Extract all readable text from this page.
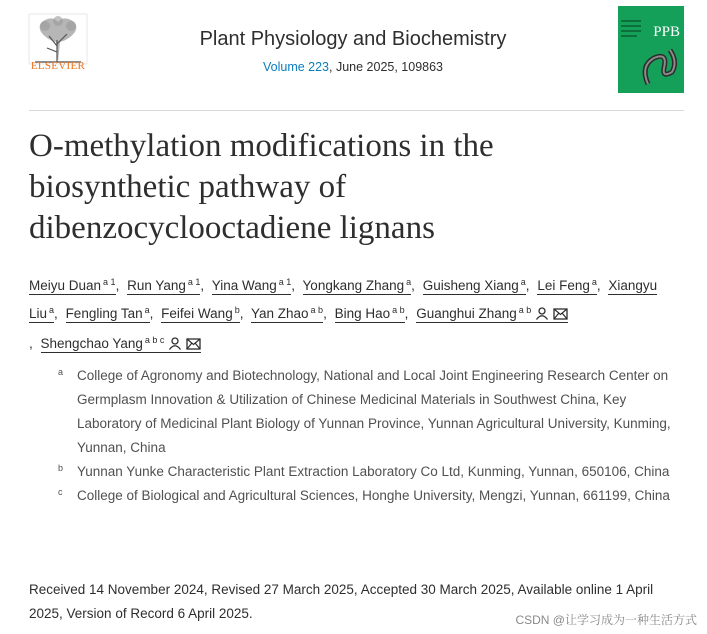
ELSEVIER
Plant Physiology and Biochemistry
Volume 223, June 2025, 109863
PPB
O-methylation modifications in the
biosynthetic pathway of
dibenzocyclooctadiene lignans
Meiyu Duan $^{a 1}$, Run Yang $^{a 1}$, Yina Wang $^{a 1}$, Yongkang Zhang $^a$, Guisheng Xiang $^a$, Lei Feng $^a$, Xiangyu Liu $^a$, Fengling Tan $^a$, Feifei Wang $^b$, Yan Zhao $^{a b}$, Bing Hao $^{a b}$, Guanghui Zhang $^{a b}$
, Shengchao Yang $^{a b c}$
a College of Agronomy and Biotechnology, National and Local Joint Engineering Research Center on Germplasm Innovation & Utilization of Chinese Medicinal Materials in Southwest China, Key Laboratory of Medicinal Plant Biology of Yunnan Province, Yunnan Agricultural University, Kunming, Yunnan, China
b Yunnan Yunke Characteristic Plant Extraction Laboratory Co Ltd, Kunming, Yunnan, 650106, China
c College of Biological and Agricultural Sciences, Honghe University, Mengzi, Yunnan, 661199, China
Received 14 November 2024, Revised 27 March 2025, Accepted 30 March 2025, Available online 1 April 2025, Version of Record 6 April 2025.	CSDN @让学习成为一种生活方式
